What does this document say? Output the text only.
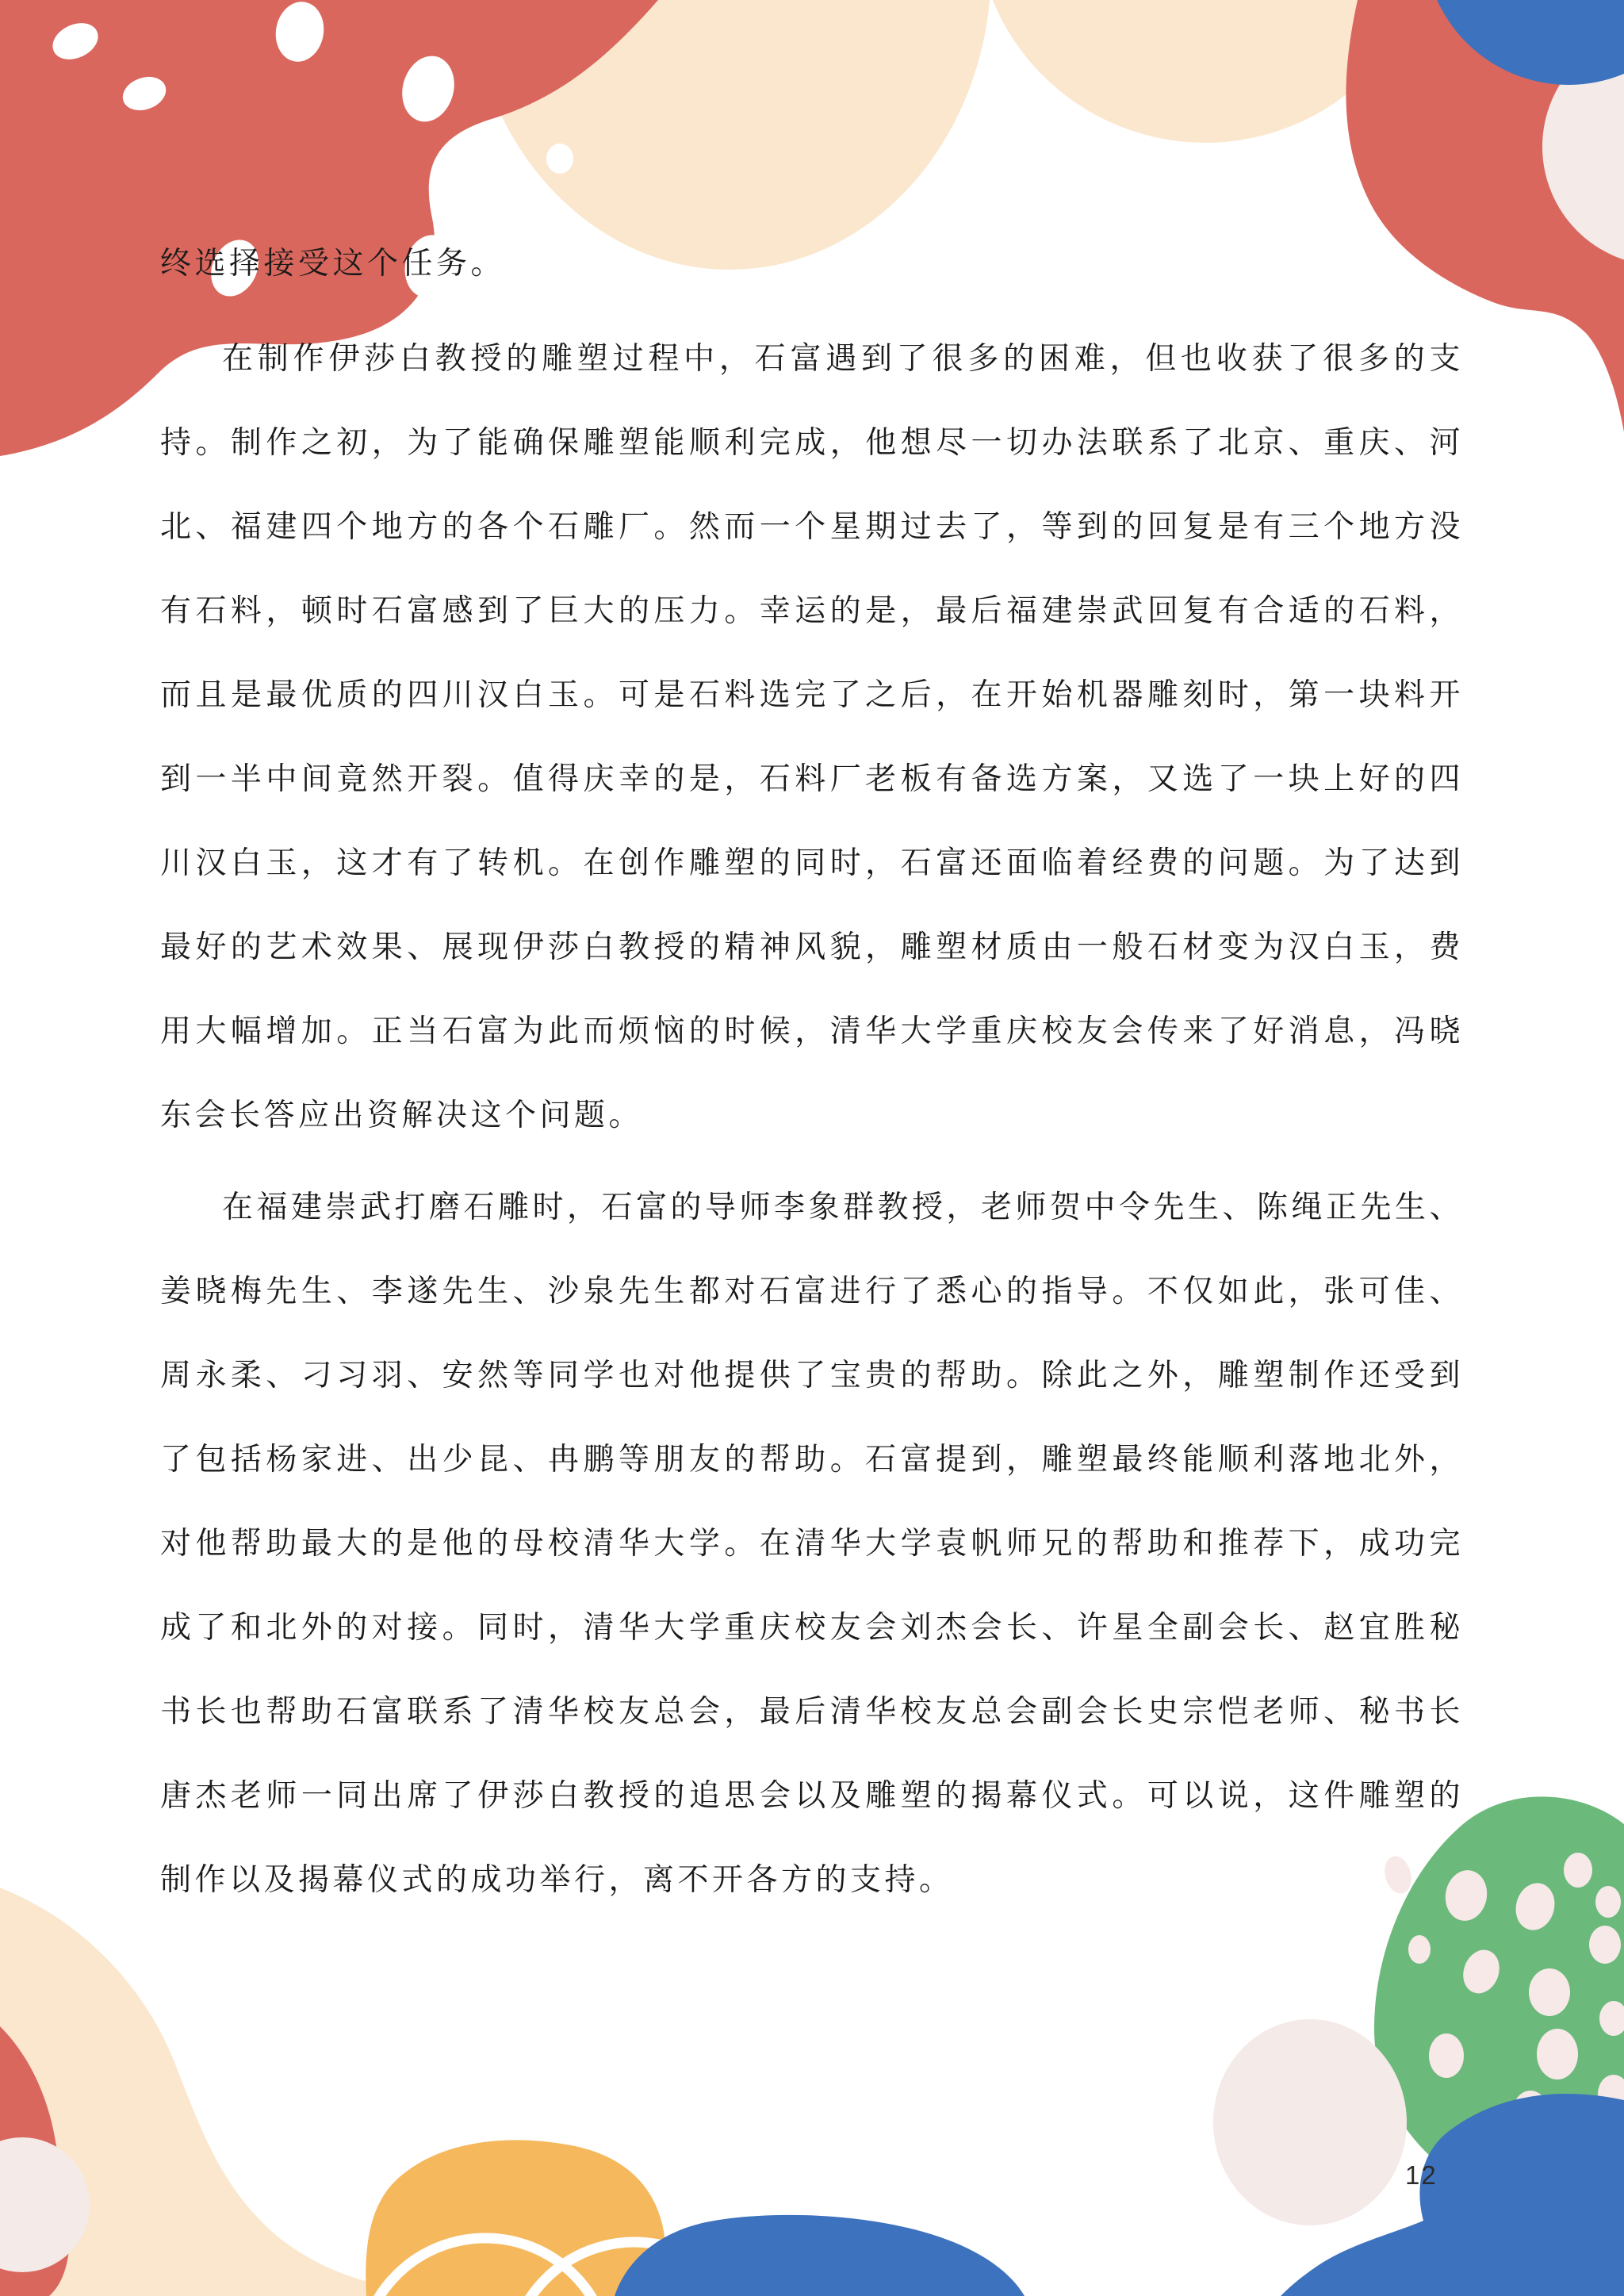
终选择接受这个任务。
在制作伊莎白教授的雕塑过程中，石富遇到了很多的困难，但也收获了很多的支
持。制作之初，为了能确保雕塑能顺利完成，他想尽一切办法联系了北京、重庆、河
北、福建四个地方的各个石雕厂。然而一个星期过去了，等到的回复是有三个地方没
有石料，顿时石富感到了巨大的压力。幸运的是，最后福建崇武回复有合适的石料，
而且是最优质的四川汉白玉。可是石料选完了之后，在开始机器雕刻时，第一块料开
到一半中间竟然开裂。值得庆幸的是，石料厂老板有备选方案，又选了一块上好的四
川汉白玉，这才有了转机。在创作雕塑的同时，石富还面临着经费的问题。为了达到
最好的艺术效果、展现伊莎白教授的精神风貌，雕塑材质由一般石材变为汉白玉，费
用大幅增加。正当石富为此而烦恼的时候，清华大学重庆校友会传来了好消息，冯晓
东会长答应出资解决这个问题。
在福建崇武打磨石雕时，石富的导师李象群教授，老师贺中令先生、陈绳正先生、
姜晓梅先生、李遂先生、沙泉先生都对石富进行了悉心的指导。不仅如此，张可佳、
周永柔、刁习羽、安然等同学也对他提供了宝贵的帮助。除此之外，雕塑制作还受到
了包括杨家进、出少昆、冉鹏等朋友的帮助。石富提到，雕塑最终能顺利落地北外，
对他帮助最大的是他的母校清华大学。在清华大学袁帆师兄的帮助和推荐下，成功完
成了和北外的对接。同时，清华大学重庆校友会刘杰会长、许星全副会长、赵宜胜秘
书长也帮助石富联系了清华校友总会，最后清华校友总会副会长史宗恺老师、秘书长
唐杰老师一同出席了伊莎白教授的追思会以及雕塑的揭幕仪式。可以说，这件雕塑的
制作以及揭幕仪式的成功举行，离不开各方的支持。
12
